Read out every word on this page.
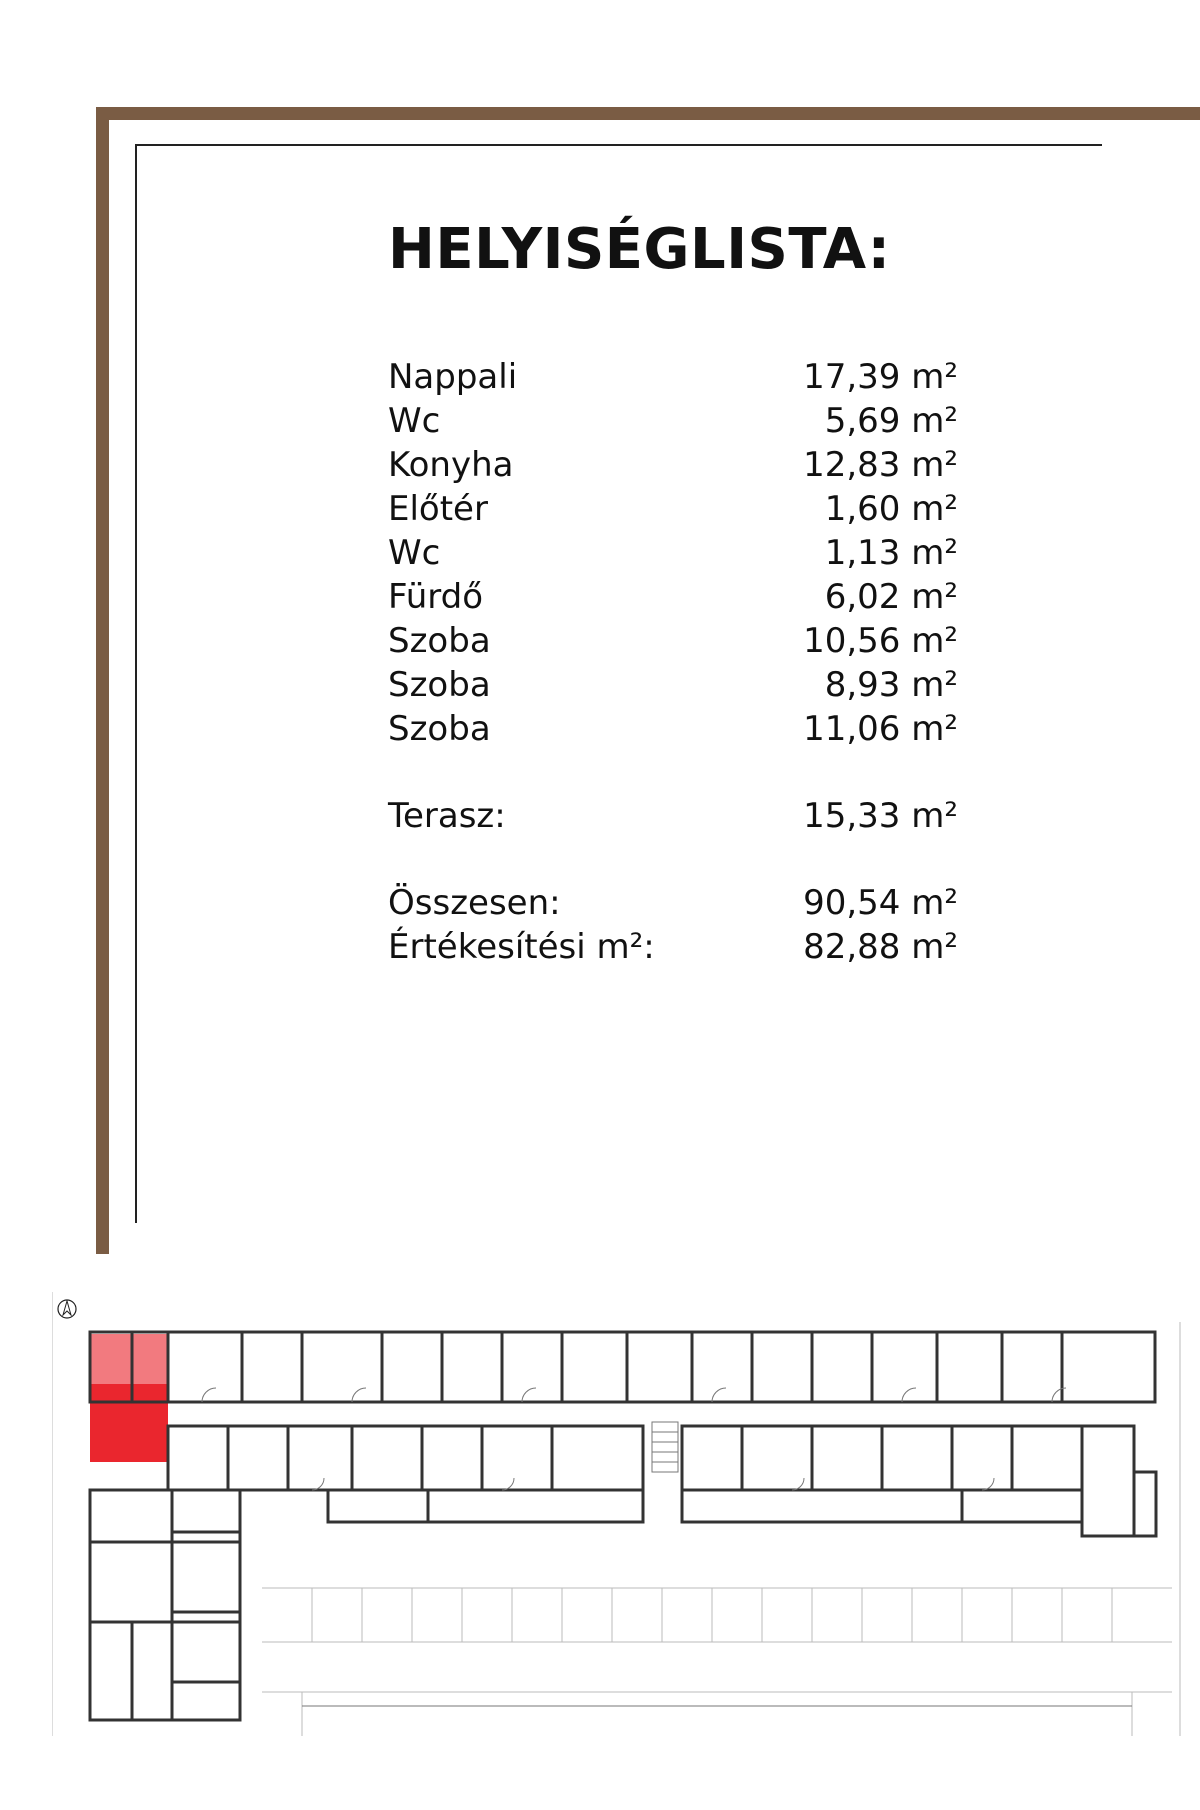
HELYISÉGLISTA:
Nappali	17,39 m²
Wc	5,69 m²
Konyha	12,83 m²
Előtér	1,60 m²
Wc	1,13 m²
Fürdő	6,02 m²
Szoba	10,56 m²
Szoba	8,93 m²
Szoba	11,06 m²
Terasz:	15,33 m²
Összesen:	90,54 m²
Értékesítési m²:	82,88 m²
